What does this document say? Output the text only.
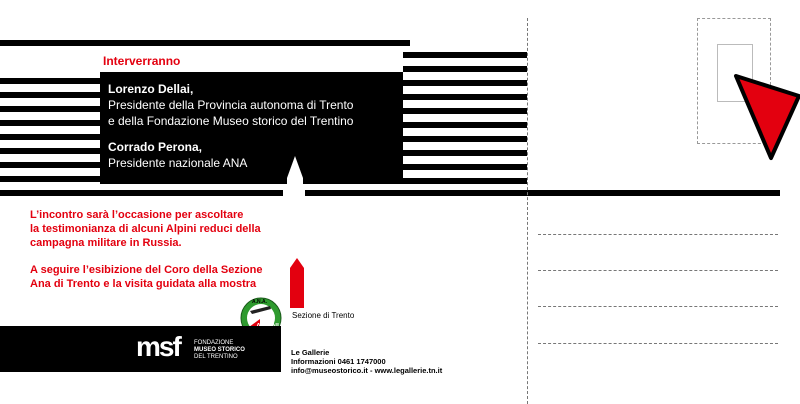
Interverranno
Lorenzo Dellai,
Presidente della Provincia autonoma di Trento
e della Fondazione Museo storico del Trentino
Corrado Perona,
Presidente nazionale ANA
L’incontro sarà l’occasione per ascoltare
la testimonianza di alcuni Alpini reduci della
campagna militare in Russia.
A seguire l’esibizione del Coro della Sezione
Ana di Trento e la visita guidata alla mostra
A.N.A.
NAZ Sezione di Trento
msf FONDAZIONE
MUSEO STORICO
DEL TRENTINO	Le Gallerie
Informazioni 0461 1747000
info@museostorico.it - www.legallerie.tn.it
